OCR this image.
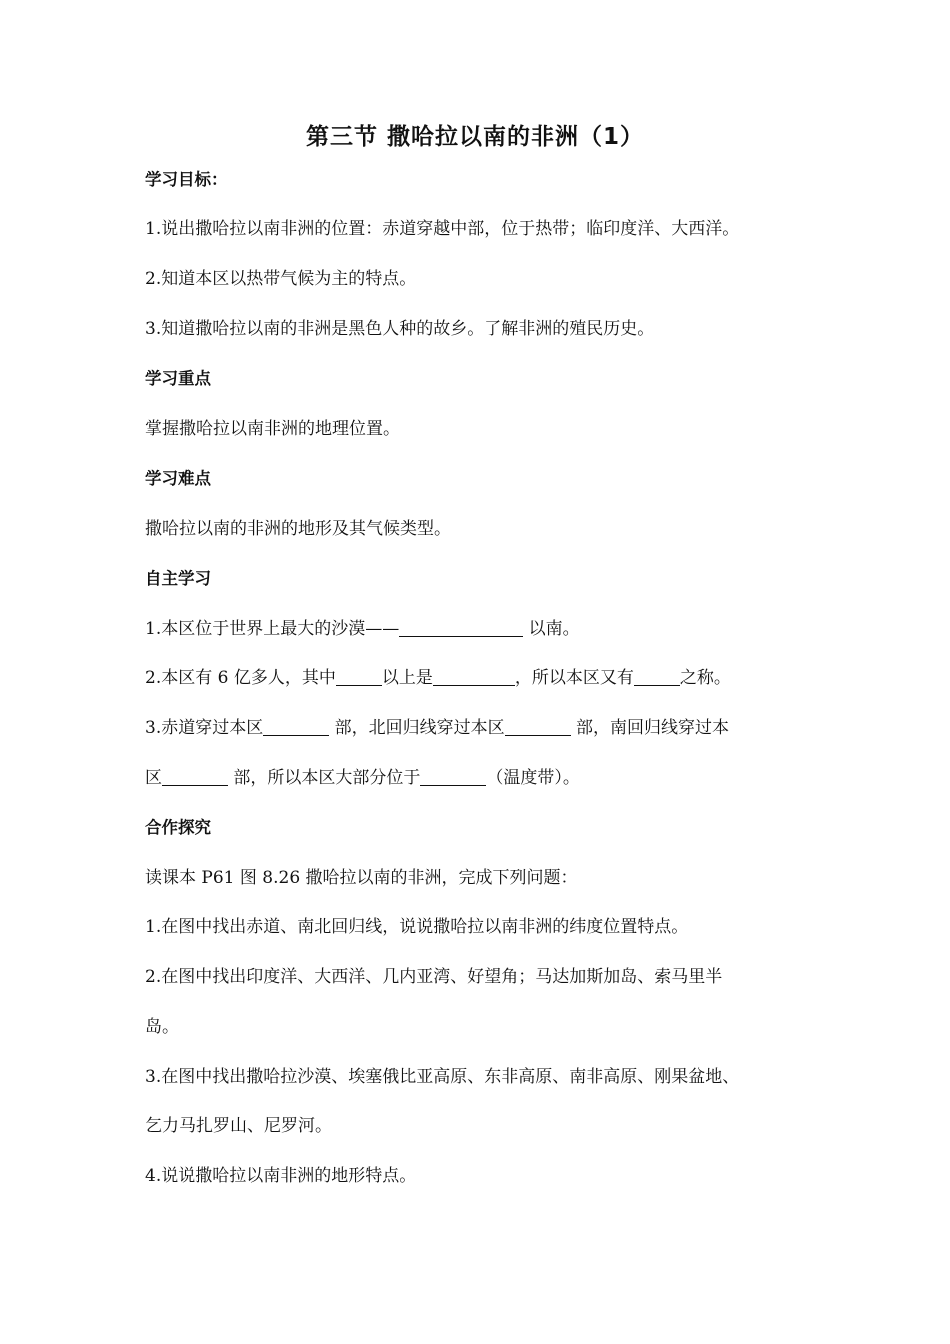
第三节 撒哈拉以南的非洲（1）
学习目标：
1.说出撒哈拉以南非洲的位置：赤道穿越中部，位于热带；临印度洋、大西洋。
2.知道本区以热带气候为主的特点。
3.知道撒哈拉以南的非洲是黑色人种的故乡。了解非洲的殖民历史。
学习重点
掌握撒哈拉以南非洲的地理位置。
学习难点
撒哈拉以南的非洲的地形及其气候类型。
自主学习
1.本区位于世界上最大的沙漠——	以南。
2.本区有 6 亿多人，其中	以上是	，所以本区又有	之称。
3.赤道穿过本区	部，北回归线穿过本区	部，南回归线穿过本
区	部，所以本区大部分位于	（温度带）。
合作探究
读课本 P61 图 8.26 撒哈拉以南的非洲，完成下列问题：
1.在图中找出赤道、南北回归线，说说撒哈拉以南非洲的纬度位置特点。
2.在图中找出印度洋、大西洋、几内亚湾、好望角；马达加斯加岛、索马里半
岛。
3.在图中找出撒哈拉沙漠、埃塞俄比亚高原、东非高原、南非高原、刚果盆地、
乞力马扎罗山、尼罗河。
4.说说撒哈拉以南非洲的地形特点。
